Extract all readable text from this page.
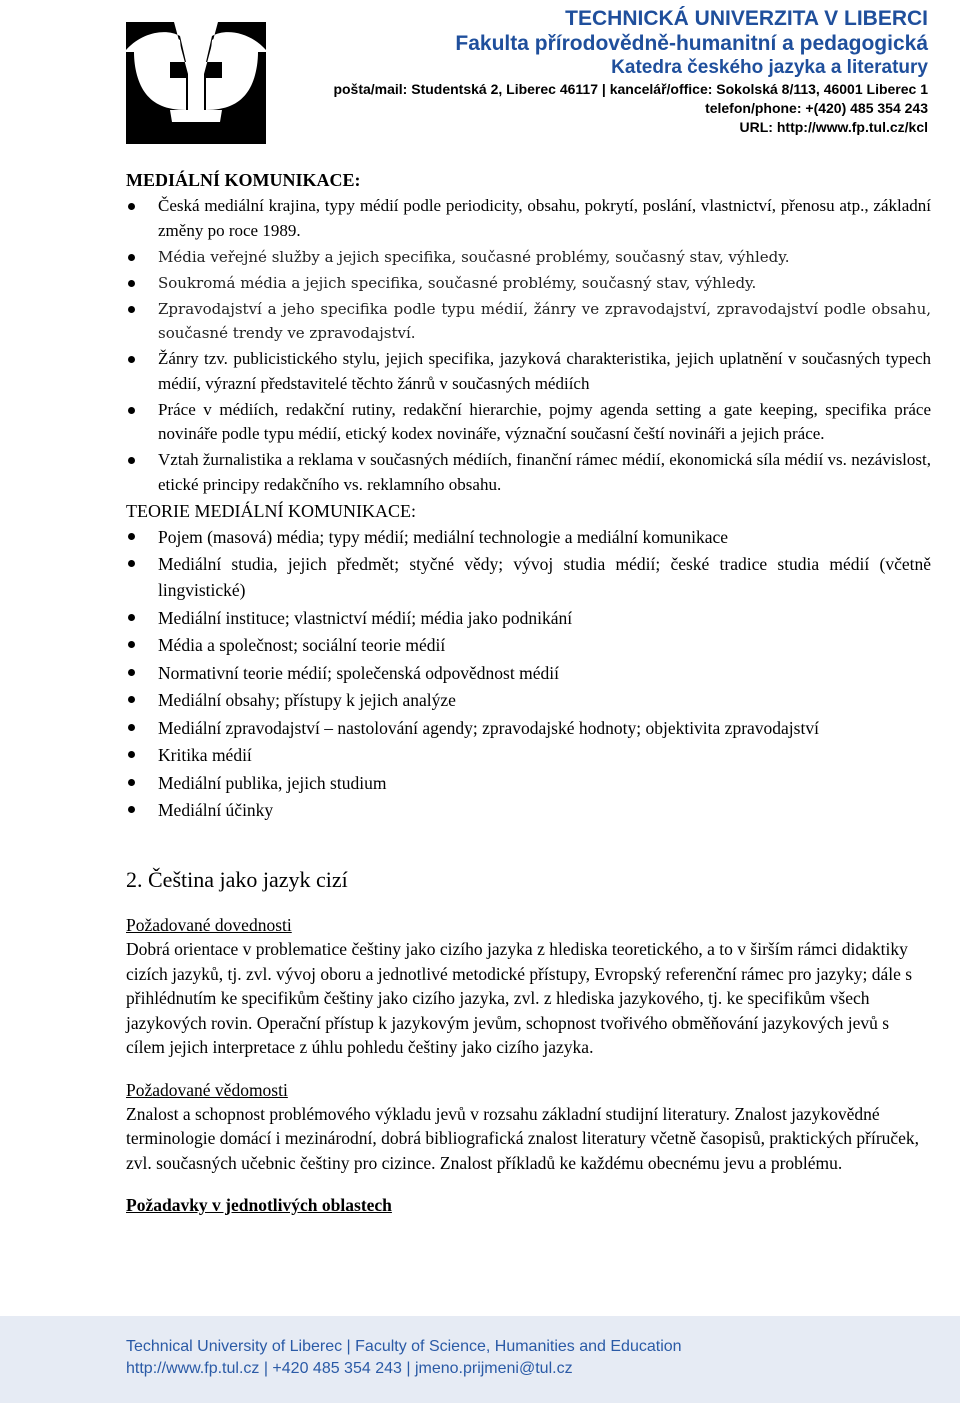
TECHNICKÁ UNIVERZITA V LIBERCI
Fakulta přírodovědně-humanitní a pedagogická
Katedra českého jazyka a literatury
pošta/mail: Studentská 2, Liberec 46117 | kancelář/office: Sokolská 8/113, 46001 Liberec 1
telefon/phone: +(420) 485 354 243
URL: http://www.fp.tul.cz/kcl
MEDIÁLNÍ KOMUNIKACE:
Česká mediální krajina, typy médií podle periodicity, obsahu, pokrytí, poslání, vlastnictví, přenosu atp., základní změny po roce 1989.
Média veřejné služby a jejich specifika, současné problémy, současný stav, výhledy.
Soukromá média a jejich specifika, současné problémy, současný stav, výhledy.
Zpravodajství a jeho specifika podle typu médií, žánry ve zpravodajství, zpravodajství podle obsahu, současné trendy ve zpravodajství.
Žánry tzv. publicistického stylu, jejich specifika, jazyková charakteristika, jejich uplatnění v současných typech médií, výrazní představitelé těchto žánrů v současných médiích
Práce v médiích, redakční rutiny, redakční hierarchie, pojmy agenda setting a gate keeping, specifika práce novináře podle typu médií, etický kodex novináře, význační současní čeští novináři a jejich práce.
Vztah žurnalistika a reklama v současných médiích, finanční rámec médií, ekonomická síla médií vs. nezávislost, etické principy redakčního vs. reklamního obsahu.
TEORIE MEDIÁLNÍ KOMUNIKACE:
Pojem (masová) média; typy médií; mediální technologie a mediální komunikace
Mediální studia, jejich předmět; styčné vědy; vývoj studia médií; české tradice studia médií (včetně lingvistické)
Mediální instituce; vlastnictví médií; média jako podnikání
Média a společnost; sociální teorie médií
Normativní teorie médií; společenská odpovědnost médií
Mediální obsahy; přístupy k jejich analýze
Mediální zpravodajství – nastolování agendy; zpravodajské hodnoty; objektivita zpravodajství
Kritika médií
Mediální publika, jejich studium
Mediální účinky
2. Čeština jako jazyk cizí
Požadované dovednosti
Dobrá orientace v problematice češtiny jako cizího jazyka z hlediska teoretického, a to v širším rámci didaktiky cizích jazyků, tj. zvl. vývoj oboru a jednotlivé metodické přístupy, Evropský referenční rámec pro jazyky; dále s přihlédnutím ke specifikům češtiny jako cizího jazyka, zvl. z hlediska jazykového, tj. ke specifikům všech jazykových rovin. Operační přístup k jazykovým jevům, schopnost tvořivého obměňování jazykových jevů s cílem jejich interpretace z úhlu pohledu češtiny jako cizího jazyka.
Požadované vědomosti
Znalost a schopnost problémového výkladu jevů v rozsahu základní studijní literatury. Znalost jazykovědné terminologie domácí i mezinárodní, dobrá bibliografická znalost literatury včetně časopisů, praktických příruček, zvl. současných učebnic češtiny pro cizince. Znalost příkladů ke každému obecnému jevu a problému.
Požadavky v jednotlivých oblastech
Technical University of Liberec | Faculty of Science, Humanities and Education
http://www.fp.tul.cz | +420 485 354 243 | jmeno.prijmeni@tul.cz
